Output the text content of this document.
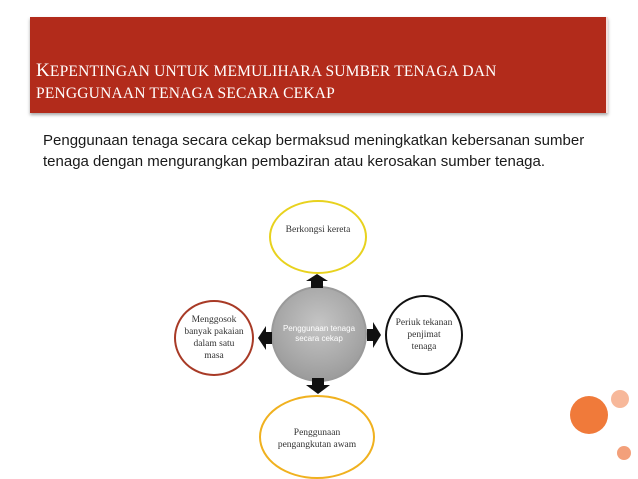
KEPENTINGAN UNTUK MEMULIHARA SUMBER TENAGA DAN
PENGGUNAAN TENAGA SECARA CEKAP

Penggunaan tenaga secara cekap bermaksud meningkatkan kebersanan sumber tenaga dengan mengurangkan pembaziran atau kerosakan sumber tenaga.

Berkongsi kereta
Periuk tekanan penjimat tenaga
Menggosok banyak pakaian dalam satu masa
Penggunaan pengangkutan awam
Penggunaan tenaga secara cekap
